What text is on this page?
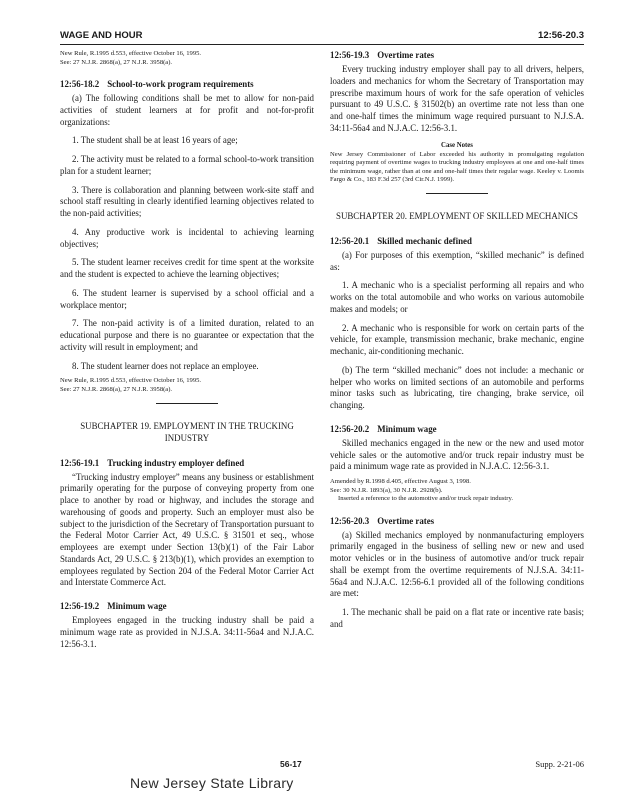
WAGE AND HOUR	12:56-20.3

New Rule, R.1995 d.553, effective October 16, 1995.

See: 27 N.J.R. 2868(a), 27 N.J.R. 3958(a).

12:56-18.2 School-to-work program requirements

(a) The following conditions shall be met to allow for non-paid activities of student learners at for profit and not-for-profit organizations:

1. The student shall be at least 16 years of age;

2. The activity must be related to a formal school-to-work transition plan for a student learner;

3. There is collaboration and planning between work-site staff and school staff resulting in clearly identified learning objectives related to the non-paid activities;

4. Any productive work is incidental to achieving learning objectives;

5. The student learner receives credit for time spent at the worksite and the student is expected to achieve the learning objectives;

6. The student learner is supervised by a school official and a workplace mentor;

7. The non-paid activity is of a limited duration, related to an educational purpose and there is no guarantee or expectation that the activity will result in employment; and

8. The student learner does not replace an employee.

New Rule, R.1995 d.553, effective October 16, 1995.

See: 27 N.J.R. 2868(a), 27 N.J.R. 3958(a).

SUBCHAPTER 19. EMPLOYMENT IN THE TRUCKING INDUSTRY

12:56-19.1 Trucking industry employer defined

“Trucking industry employer” means any business or establishment primarily operating for the purpose of conveying property from one place to another by road or highway, and includes the storage and warehousing of goods and property. Such an employer must also be subject to the jurisdiction of the Secretary of Transportation pursuant to the Federal Motor Carrier Act, 49 U.S.C. § 31501 et seq., whose employees are exempt under Section 13(b)(1) of the Fair Labor Standards Act, 29 U.S.C. § 213(b)(1), which provides an exemption to employees regulated by Section 204 of the Federal Motor Carrier Act and Interstate Commerce Act.

12:56-19.2 Minimum wage

Employees engaged in the trucking industry shall be paid a minimum wage rate as provided in N.J.S.A. 34:11-56a4 and N.J.A.C. 12:56-3.1.

12:56-19.3 Overtime rates

Every trucking industry employer shall pay to all drivers, helpers, loaders and mechanics for whom the Secretary of Transportation may prescribe maximum hours of work for the safe operation of vehicles pursuant to 49 U.S.C. § 31502(b) an overtime rate not less than one and one-half times the minimum wage required pursuant to N.J.S.A. 34:11-56a4 and N.J.A.C. 12:56-3.1.

Case Notes

New Jersey Commissioner of Labor exceeded his authority in promulgating regulation requiring payment of overtime wages to trucking industry employees at one and one-half times the minimum wage, rather than at one and one-half times their regular wage. Keeley v. Loomis Fargo & Co., 183 F.3d 257 (3rd Cir.N.J. 1999).

SUBCHAPTER 20. EMPLOYMENT OF SKILLED MECHANICS

12:56-20.1 Skilled mechanic defined

(a) For purposes of this exemption, “skilled mechanic” is defined as:

1. A mechanic who is a specialist performing all repairs and who works on the total automobile and who works on various automobile makes and models; or

2. A mechanic who is responsible for work on certain parts of the vehicle, for example, transmission mechanic, brake mechanic, engine mechanic, air-conditioning mechanic.

(b) The term “skilled mechanic” does not include: a mechanic or helper who works on limited sections of an automobile and performs minor tasks such as lubricating, tire changing, brake service, oil changing.

12:56-20.2 Minimum wage

Skilled mechanics engaged in the new or the new and used motor vehicle sales or the automotive and/or truck repair industry must be paid a minimum wage rate as provided in N.J.A.C. 12:56-3.1.

Amended by R.1998 d.405, effective August 3, 1998.

See: 30 N.J.R. 1893(a), 30 N.J.R. 2928(b).

Inserted a reference to the automotive and/or truck repair industry.

12:56-20.3 Overtime rates

(a) Skilled mechanics employed by nonmanufacturing employers primarily engaged in the business of selling new or new and used motor vehicles or in the business of automotive and/or truck repair shall be exempt from the overtime requirements of N.J.S.A. 34:11-56a4 and N.J.A.C. 12:56-6.1 provided all of the following conditions are met:

1. The mechanic shall be paid on a flat rate or incentive rate basis; and

56-17	Supp. 2-21-06
New Jersey State Library
